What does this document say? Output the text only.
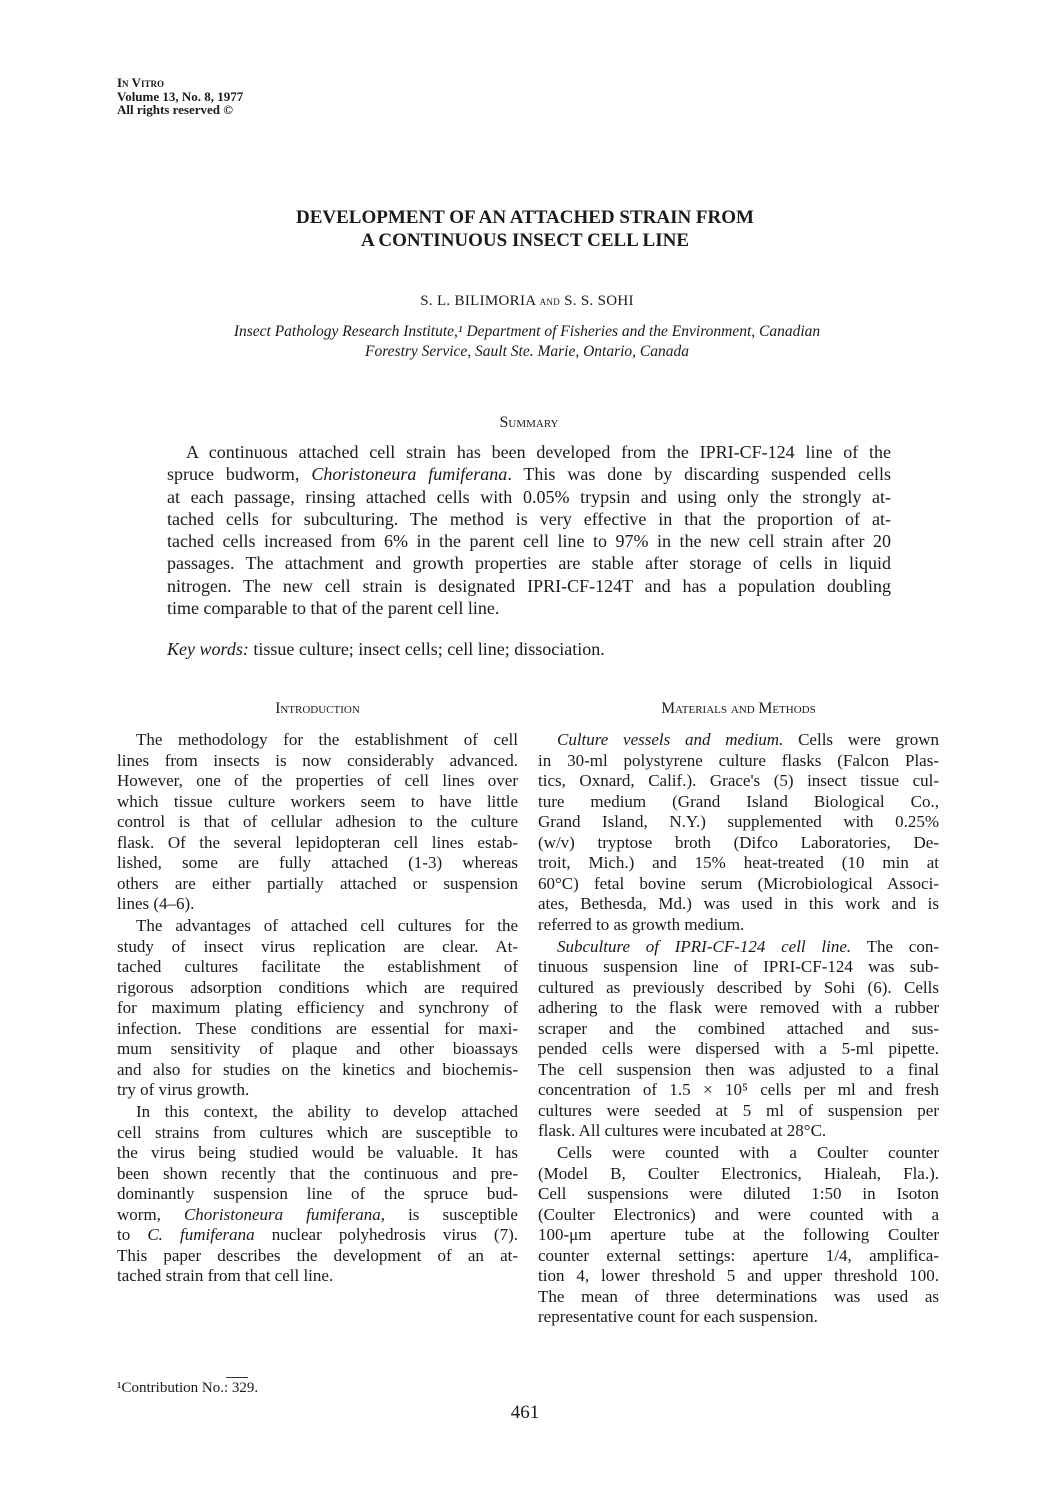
In Vitro
Volume 13, No. 8, 1977
All rights reserved ©
DEVELOPMENT OF AN ATTACHED STRAIN FROM
A CONTINUOUS INSECT CELL LINE
S. L. BILIMORIA and S. S. SOHI
Insect Pathology Research Institute,¹ Department of Fisheries and the Environment, Canadian
Forestry Service, Sault Ste. Marie, Ontario, Canada
Summary
A continuous attached cell strain has been developed from the IPRI-CF-124 line of the
spruce budworm, Choristoneura fumiferana. This was done by discarding suspended cells
at each passage, rinsing attached cells with 0.05% trypsin and using only the strongly at-
tached cells for subculturing. The method is very effective in that the proportion of at-
tached cells increased from 6% in the parent cell line to 97% in the new cell strain after 20
passages. The attachment and growth properties are stable after storage of cells in liquid
nitrogen. The new cell strain is designated IPRI-CF-124T and has a population doubling
time comparable to that of the parent cell line.
Key words: tissue culture; insect cells; cell line; dissociation.
Introduction
The methodology for the establishment of cell
lines from insects is now considerably advanced.
However, one of the properties of cell lines over
which tissue culture workers seem to have little
control is that of cellular adhesion to the culture
flask. Of the several lepidopteran cell lines estab-
lished, some are fully attached (1-3) whereas
others are either partially attached or suspension
lines (4–6).
The advantages of attached cell cultures for the
study of insect virus replication are clear. At-
tached cultures facilitate the establishment of
rigorous adsorption conditions which are required
for maximum plating efficiency and synchrony of
infection. These conditions are essential for maxi-
mum sensitivity of plaque and other bioassays
and also for studies on the kinetics and biochemis-
try of virus growth.
In this context, the ability to develop attached
cell strains from cultures which are susceptible to
the virus being studied would be valuable. It has
been shown recently that the continuous and pre-
dominantly suspension line of the spruce bud-
worm, Choristoneura fumiferana, is susceptible
to C. fumiferana nuclear polyhedrosis virus (7).
This paper describes the development of an at-
tached strain from that cell line.
Materials and Methods
Culture vessels and medium. Cells were grown
in 30-ml polystyrene culture flasks (Falcon Plas-
tics, Oxnard, Calif.). Grace's (5) insect tissue cul-
ture medium (Grand Island Biological Co.,
Grand Island, N.Y.) supplemented with 0.25%
(w/v) tryptose broth (Difco Laboratories, De-
troit, Mich.) and 15% heat-treated (10 min at
60°C) fetal bovine serum (Microbiological Associ-
ates, Bethesda, Md.) was used in this work and is
referred to as growth medium.
Subculture of IPRI-CF-124 cell line. The con-
tinuous suspension line of IPRI-CF-124 was sub-
cultured as previously described by Sohi (6). Cells
adhering to the flask were removed with a rubber
scraper and the combined attached and sus-
pended cells were dispersed with a 5-ml pipette.
The cell suspension then was adjusted to a final
concentration of 1.5 × 10⁵ cells per ml and fresh
cultures were seeded at 5 ml of suspension per
flask. All cultures were incubated at 28°C.
Cells were counted with a Coulter counter
(Model B, Coulter Electronics, Hialeah, Fla.).
Cell suspensions were diluted 1:50 in Isoton
(Coulter Electronics) and were counted with a
100-μm aperture tube at the following Coulter
counter external settings: aperture 1/4, amplifica-
tion 4, lower threshold 5 and upper threshold 100.
The mean of three determinations was used as
representative count for each suspension.
¹Contribution No.: 329.
461
